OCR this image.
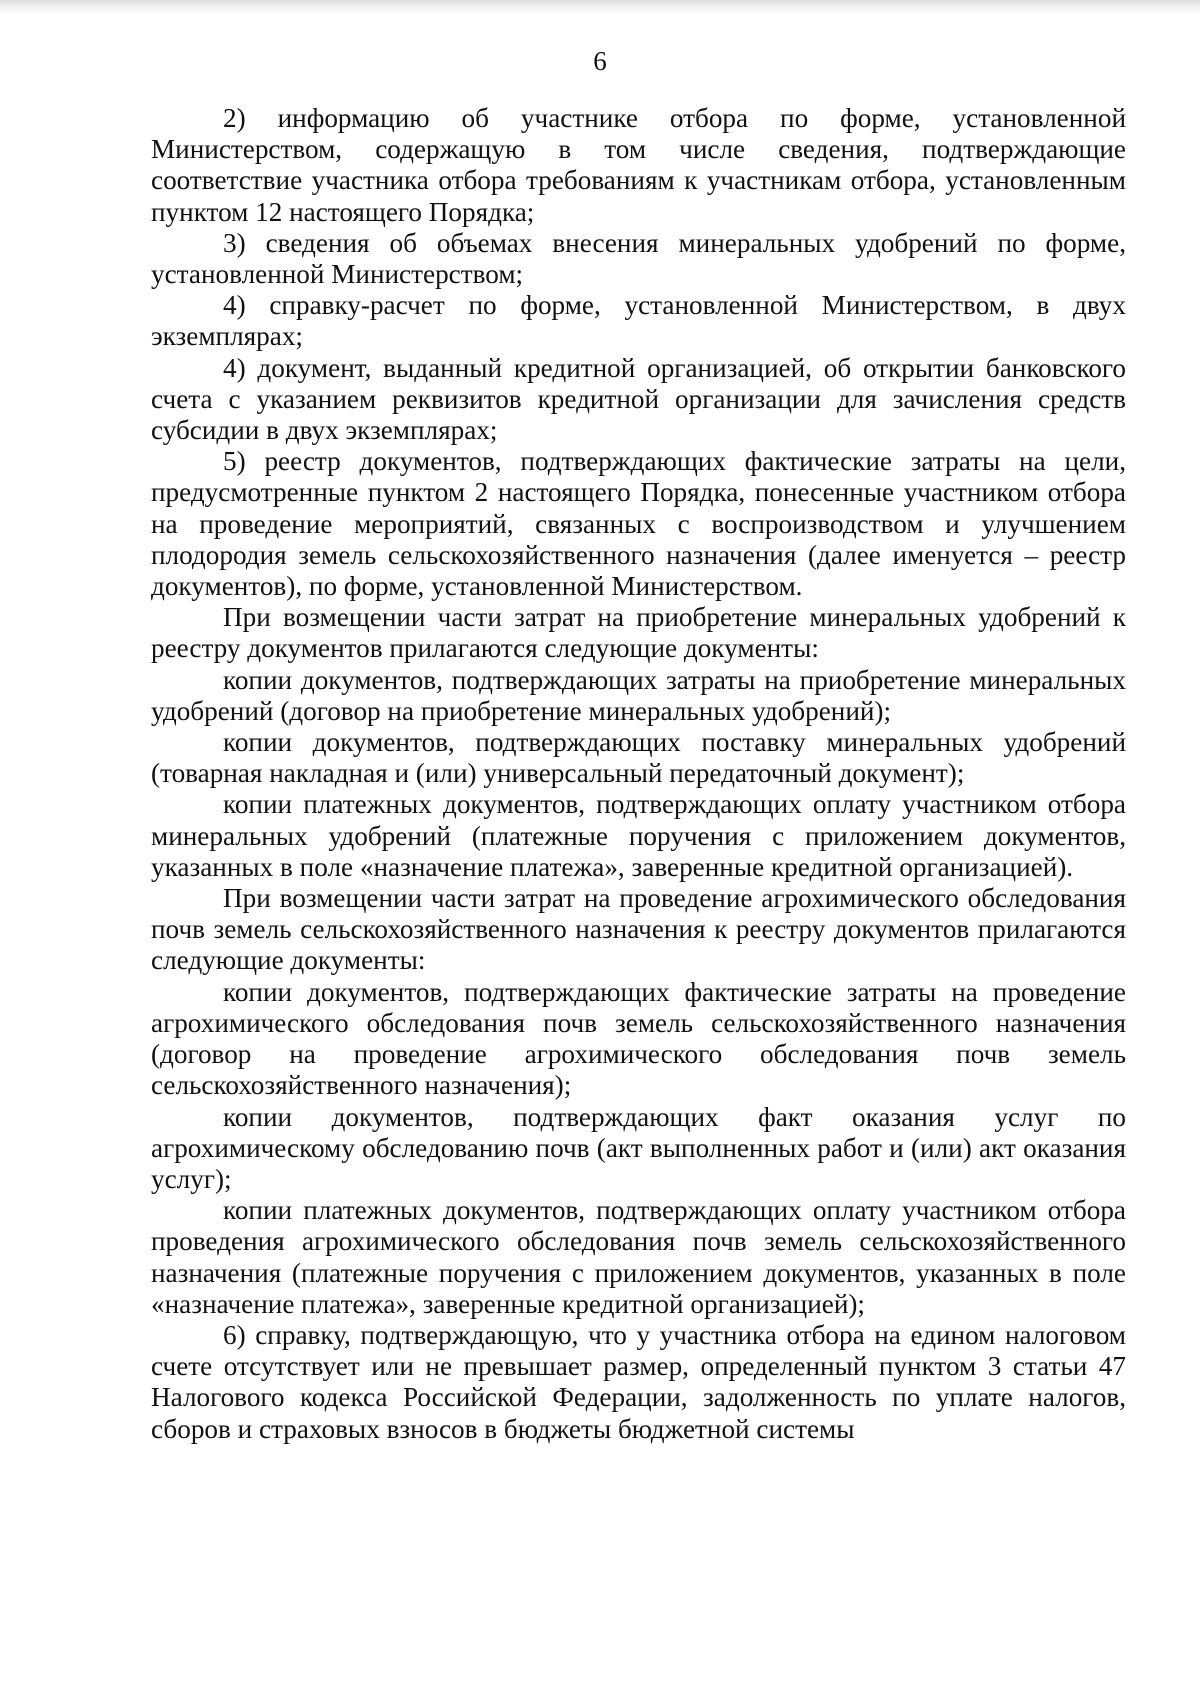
6

2) информацию об участнике отбора по форме, установленной Министерством, содержащую в том числе сведения, подтверждающие соответствие участника отбора требованиям к участникам отбора, установленным пунктом 12 настоящего Порядка;

3) сведения об объемах внесения минеральных удобрений по форме, установленной Министерством;

4) справку-расчет по форме, установленной Министерством, в двух экземплярах;

4) документ, выданный кредитной организацией, об открытии банковского счета с указанием реквизитов кредитной организации для зачисления средств субсидии в двух экземплярах;

5) реестр документов, подтверждающих фактические затраты на цели, предусмотренные пунктом 2 настоящего Порядка, понесенные участником отбора на проведение мероприятий, связанных с воспроизводством и улучшением плодородия земель сельскохозяйственного назначения (далее именуется – реестр документов), по форме, установленной Министерством.

При возмещении части затрат на приобретение минеральных удобрений к реестру документов прилагаются следующие документы:

копии документов, подтверждающих затраты на приобретение минеральных удобрений (договор на приобретение минеральных удобрений);

копии документов, подтверждающих поставку минеральных удобрений (товарная накладная и (или) универсальный передаточный документ);

копии платежных документов, подтверждающих оплату участником отбора минеральных удобрений (платежные поручения с приложением документов, указанных в поле «назначение платежа», заверенные кредитной организацией).

При возмещении части затрат на проведение агрохимического обследования почв земель сельскохозяйственного назначения к реестру документов прилагаются следующие документы:

копии документов, подтверждающих фактические затраты на проведение агрохимического обследования почв земель сельскохозяйственного назначения (договор на проведение агрохимического обследования почв земель сельскохозяйственного назначения);

копии документов, подтверждающих факт оказания услуг по агрохимическому обследованию почв (акт выполненных работ и (или) акт оказания услуг);

копии платежных документов, подтверждающих оплату участником отбора проведения агрохимического обследования почв земель сельскохозяйственного назначения (платежные поручения с приложением документов, указанных в поле «назначение платежа», заверенные кредитной организацией);

6) справку, подтверждающую, что у участника отбора на едином налоговом счете отсутствует или не превышает размер, определенный пунктом 3 статьи 47 Налогового кодекса Российской Федерации, задолженность по уплате налогов, сборов и страховых взносов в бюджеты бюджетной системы
